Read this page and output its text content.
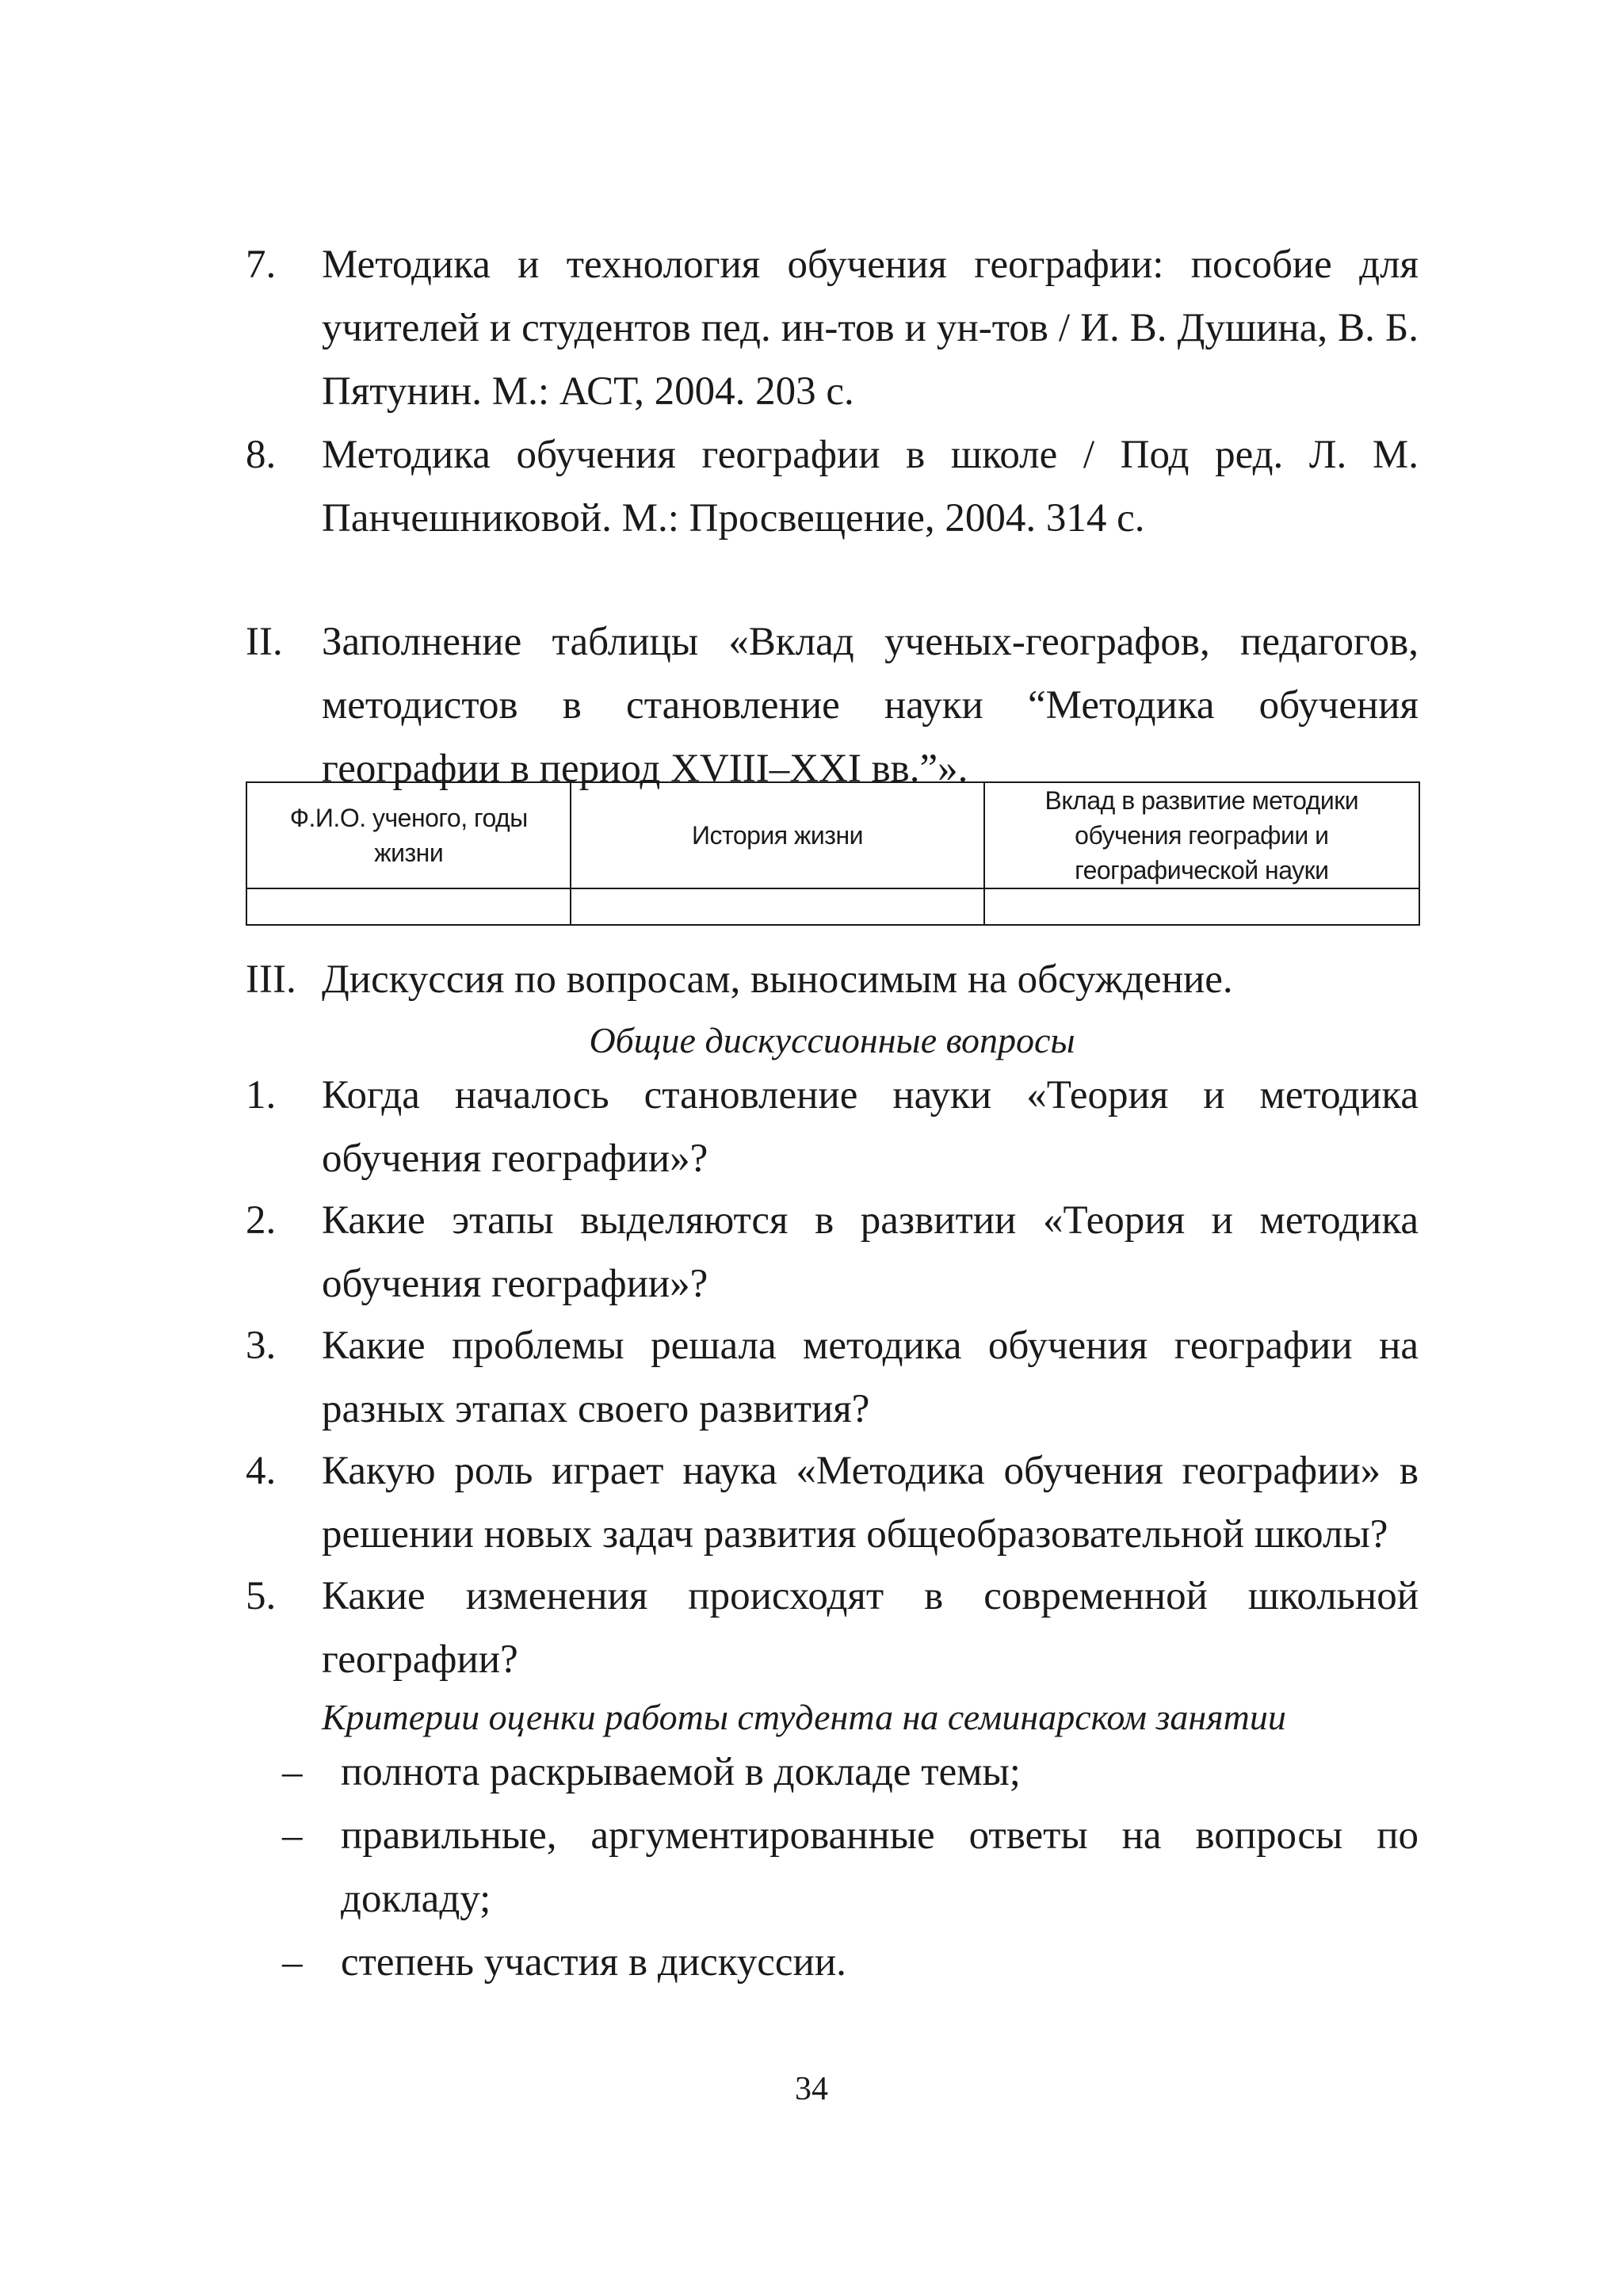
7. Методика и технология обучения географии: пособие для учителей и студентов пед. ин-тов и ун-тов / И. В. Душина, В. Б. Пятунин. М.: АСТ, 2004. 203 с.
8. Методика обучения географии в школе / Под ред. Л. М. Панчешниковой. М.: Просвещение, 2004. 314 с.
II. Заполнение таблицы «Вклад ученых-географов, педагогов, методистов в становление науки “Методика обучения географии в период XVIII–XXI вв.”».
Ф.И.О. ученого, годы жизни	История жизни	Вклад в развитие методики обучения географии и географической науки

III. Дискуссия по вопросам, выносимым на обсуждение.
Общие дискуссионные вопросы
1. Когда началось становление науки «Теория и методика обучения географии»?
2. Какие этапы выделяются в развитии «Теория и методика обучения географии»?
3. Какие проблемы решала методика обучения географии на разных этапах своего развития?
4. Какую роль играет наука «Методика обучения географии» в решении новых задач развития общеобразовательной школы?
5. Какие изменения происходят в современной школьной географии?
Критерии оценки работы студента на семинарском занятии
– полнота раскрываемой в докладе темы;
– правильные, аргументированные ответы на вопросы по докладу;
– степень участия в дискуссии.
34
